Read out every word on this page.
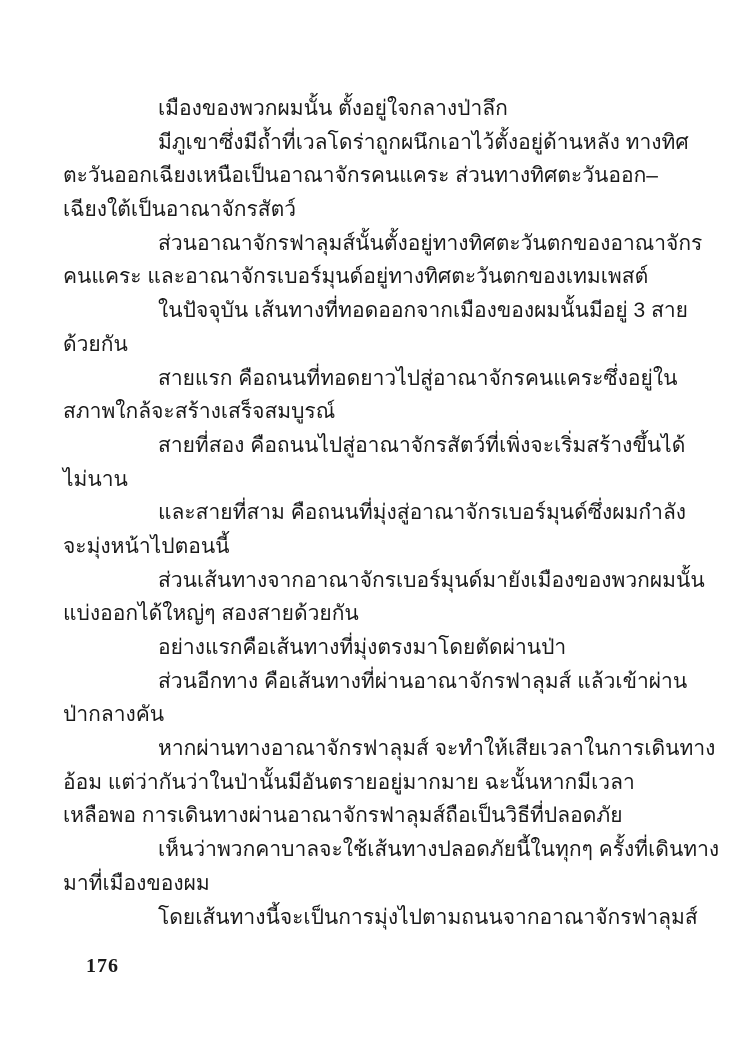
เมืองของพวกผมนั้น ตั้งอยู่ใจกลางป่าลึก
มีภูเขาซึ่งมีถ้ำที่เวลโดร่าถูกผนึกเอาไว้ตั้งอยู่ด้านหลัง ทางทิศ
ตะวันออกเฉียงเหนือเป็นอาณาจักรคนแคระ ส่วนทางทิศตะวันออก–
เฉียงใต้เป็นอาณาจักรสัตว์
ส่วนอาณาจักรฟาลุมส์นั้นตั้งอยู่ทางทิศตะวันตกของอาณาจักร
คนแคระ และอาณาจักรเบอร์มุนด์อยู่ทางทิศตะวันตกของเทมเพสต์
ในปัจจุบัน เส้นทางที่ทอดออกจากเมืองของผมนั้นมีอยู่ 3 สาย
ด้วยกัน
สายแรก คือถนนที่ทอดยาวไปสู่อาณาจักรคนแคระซึ่งอยู่ใน
สภาพใกล้จะสร้างเสร็จสมบูรณ์
สายที่สอง คือถนนไปสู่อาณาจักรสัตว์ที่เพิ่งจะเริ่มสร้างขึ้นได้
ไม่นาน
และสายที่สาม คือถนนที่มุ่งสู่อาณาจักรเบอร์มุนด์ซึ่งผมกำลัง
จะมุ่งหน้าไปตอนนี้
ส่วนเส้นทางจากอาณาจักรเบอร์มุนด์มายังเมืองของพวกผมนั้น
แบ่งออกได้ใหญ่ๆ สองสายด้วยกัน
อย่างแรกคือเส้นทางที่มุ่งตรงมาโดยตัดผ่านป่า
ส่วนอีกทาง คือเส้นทางที่ผ่านอาณาจักรฟาลุมส์ แล้วเข้าผ่าน
ป่ากลางคัน
หากผ่านทางอาณาจักรฟาลุมส์ จะทำให้เสียเวลาในการเดินทาง
อ้อม แต่ว่ากันว่าในป่านั้นมีอันตรายอยู่มากมาย ฉะนั้นหากมีเวลา
เหลือพอ การเดินทางผ่านอาณาจักรฟาลุมส์ถือเป็นวิธีที่ปลอดภัย
เห็นว่าพวกคาบาลจะใช้เส้นทางปลอดภัยนี้ในทุกๆ ครั้งที่เดินทาง
มาที่เมืองของผม
โดยเส้นทางนี้จะเป็นการมุ่งไปตามถนนจากอาณาจักรฟาลุมส์
176
